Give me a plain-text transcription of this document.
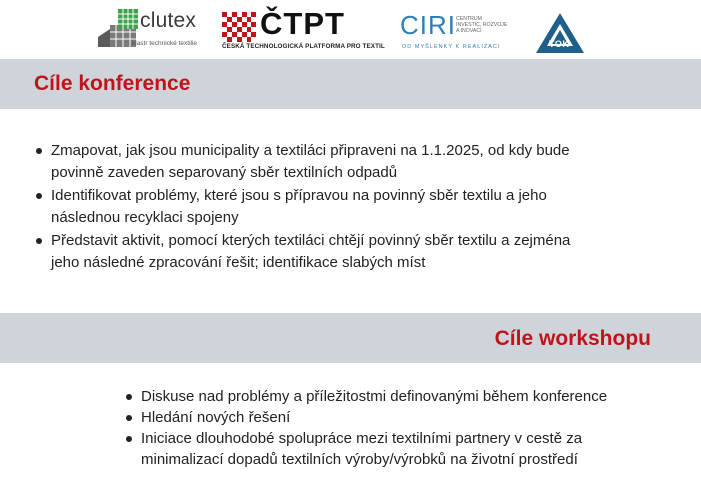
clutex
klastr technické textilie
ČTPT
ČESKÁ TECHNOLOGICKÁ PLATFORMA PRO TEXTIL
CIRI CENTRUM
INVESTIC, ROZVOJE
A INOVACÍ
OD MYŠLENKY K REALIZACI	TOK
Cíle konference
Zmapovat, jak jsou municipality a textiláci připraveni na 1.1.2025, od kdy bude povinně zaveden separovaný sběr textilních odpadů
Identifikovat problémy, které jsou s přípravou na povinný sběr textilu a jeho následnou recyklaci spojeny
Představit aktivit, pomocí kterých textiláci chtějí povinný sběr textilu a zejména jeho následné zpracování řešit; identifikace slabých míst
Cíle workshopu
Diskuse nad problémy a příležitostmi definovanými během konference
Hledání nových řešení
Iniciace dlouhodobé spolupráce mezi textilními partnery v cestě za minimalizací dopadů textilních výroby/výrobků na životní prostředí
